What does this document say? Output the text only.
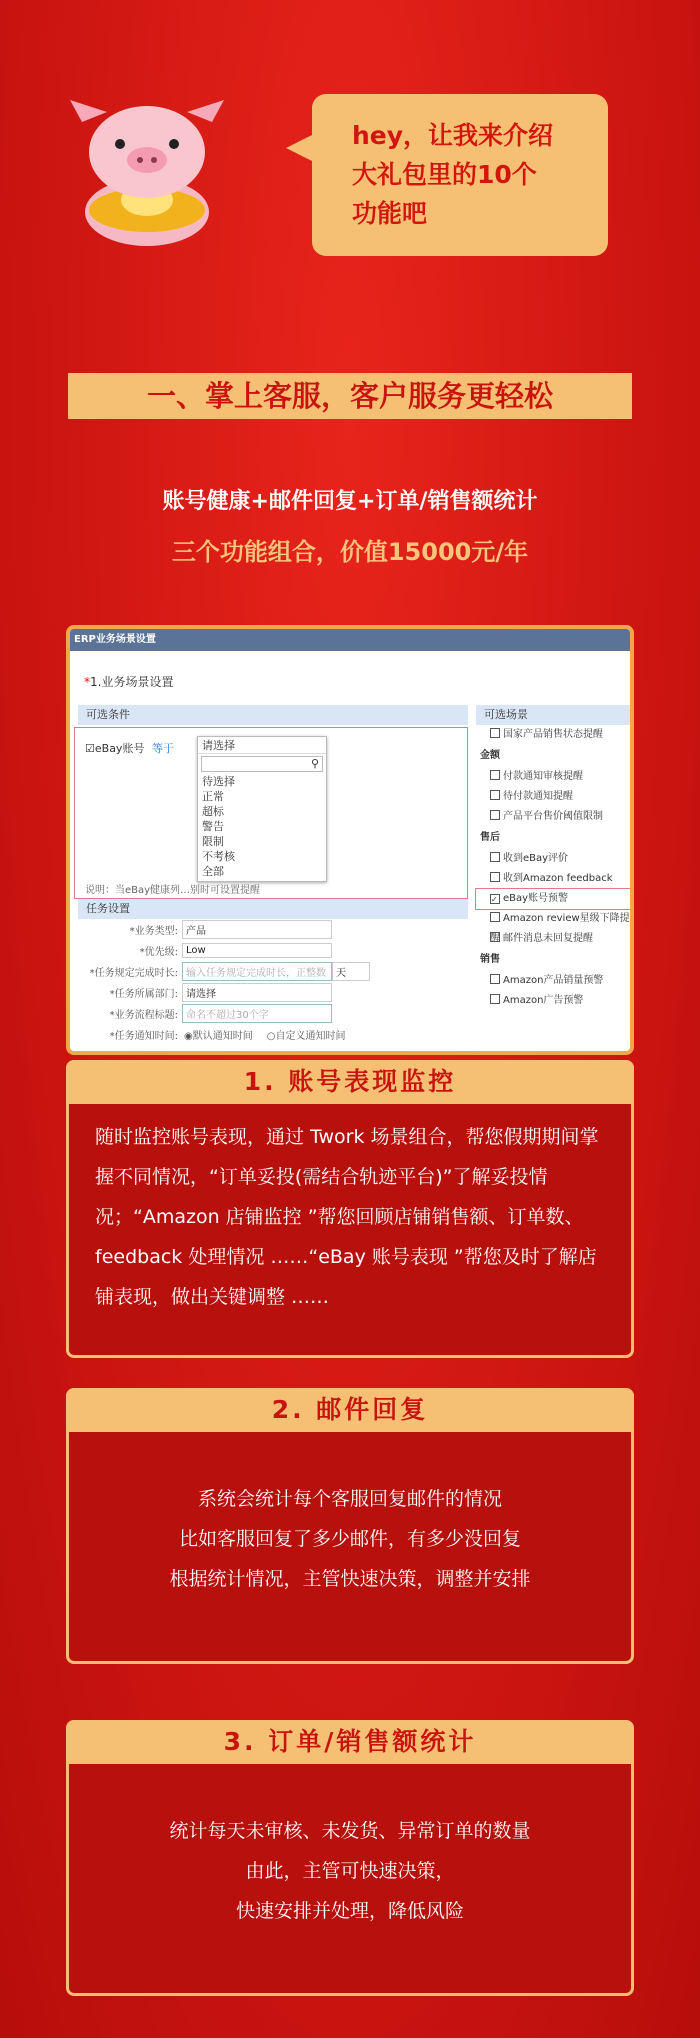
hey，让我来介绍
大礼包里的10个
功能吧
一、掌上客服，客户服务更轻松
账号健康+邮件回复+订单/销售额统计
三个功能组合，价值15000元/年
ERP业务场景设置
*1.业务场景设置
可选条件
☑eBay账号 等于	请选择
⚲
待选择
正常
超标
警告
限制
不考核
全部
说明：当eBay健康列…别时可设置提醒
任务设置
*业务类型: 产品
*优先级: Low
*任务规定完成时长: 输入任务规定完成时长，正整数	天
*任务所属部门: 请选择
*业务流程标题: 命名不超过30个字
*任务通知时间: ◉默认通知时间 ○自定义通知时间
可选场景
国家产品销售状态提醒
金额
付款通知审核提醒
待付款通知提醒
产品平台售价阈值限制
售后
收到eBay评价
收到Amazon feedback
✓ eBay账号预警
Amazon review星级下降提醒 邮件消息未回复提醒
销售
Amazon产品销量预警
Amazon广告预警
1. 账号表现监控
随时监控账号表现，通过 Twork 场景组合，帮您假期期间掌握不同情况，“订单妥投(需结合轨迹平台)”了解妥投情况；“Amazon 店铺监控 ”帮您回顾店铺销售额、订单数、feedback 处理情况 ……“eBay 账号表现 ”帮您及时了解店铺表现，做出关键调整 ……
2. 邮件回复
系统会统计每个客服回复邮件的情况
比如客服回复了多少邮件，有多少没回复
根据统计情况，主管快速决策，调整并安排
3. 订单/销售额统计
统计每天未审核、未发货、异常订单的数量
由此，主管可快速决策，
快速安排并处理，降低风险
